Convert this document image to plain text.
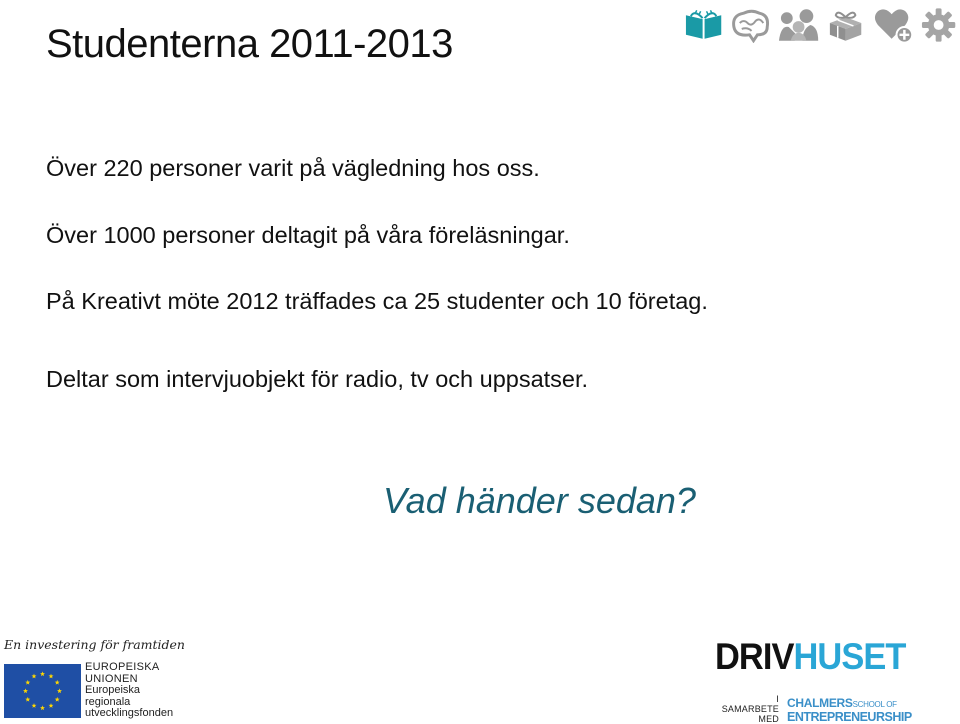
Studenterna 2011-2013

Över 220 personer varit på vägledning hos oss.

Över 1000 personer deltagit på våra föreläsningar.

På Kreativt möte 2012 träffades ca 25 studenter och 10 företag.

Deltar som intervjuobjekt för radio, tv och uppsatser.

Vad händer sedan?
En investering för framtiden
EUROPEISKA
UNIONEN
Europeiska
regionala
utvecklingsfonden
DRIVHUSET
I
SAMARBETE
MED
CHALMERSSCHOOL OF
ENTREPRENEURSHIP
